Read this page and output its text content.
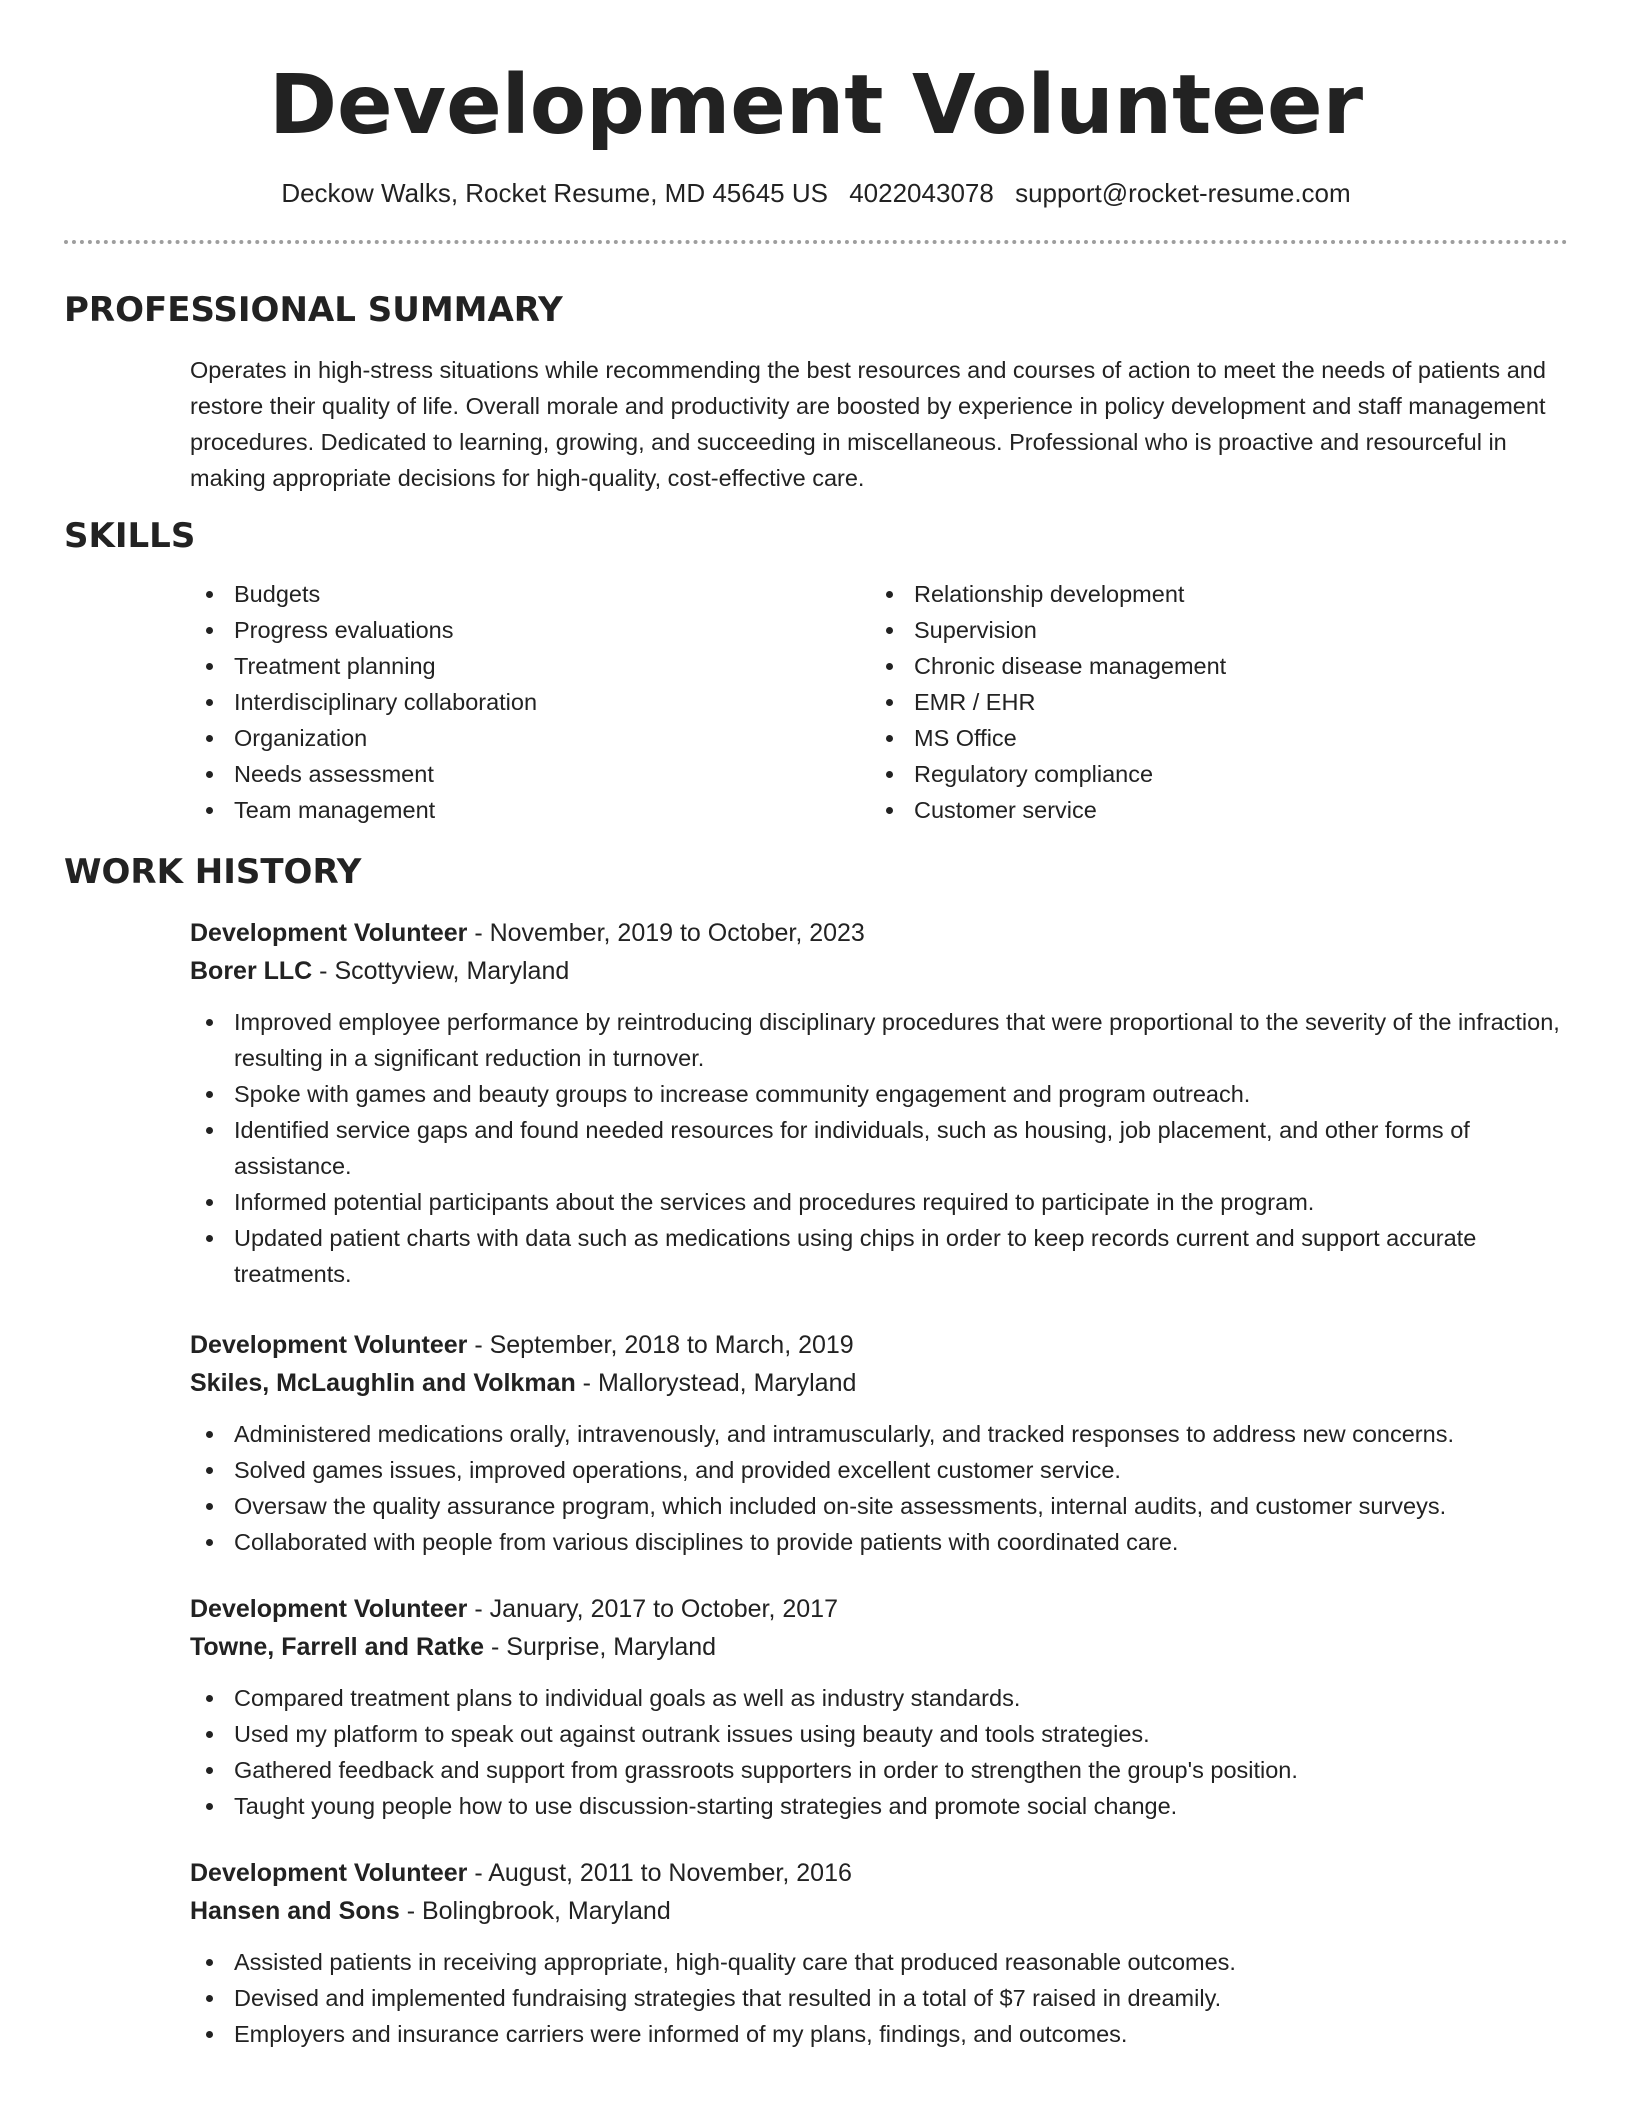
Development Volunteer
Deckow Walks, Rocket Resume, MD 45645 US 4022043078 support@rocket-resume.com
PROFESSIONAL SUMMARY

Operates in high-stress situations while recommending the best resources and courses of action to meet the needs of patients and restore their quality of life. Overall morale and productivity are boosted by experience in policy development and staff management procedures. Dedicated to learning, growing, and succeeding in miscellaneous. Professional who is proactive and resourceful in making appropriate decisions for high-quality, cost-effective care.

SKILLS
Budgets
Progress evaluations
Treatment planning
Interdisciplinary collaboration
Organization
Needs assessment
Team management
Relationship development
Supervision
Chronic disease management
EMR / EHR
MS Office
Regulatory compliance
Customer service
WORK HISTORY
Development Volunteer - November, 2019 to October, 2023
Borer LLC - Scottyview, Maryland
Improved employee performance by reintroducing disciplinary procedures that were proportional to the severity of the infraction, resulting in a significant reduction in turnover.
Spoke with games and beauty groups to increase community engagement and program outreach.
Identified service gaps and found needed resources for individuals, such as housing, job placement, and other forms of assistance.
Informed potential participants about the services and procedures required to participate in the program.
Updated patient charts with data such as medications using chips in order to keep records current and support accurate treatments.
Development Volunteer - September, 2018 to March, 2019
Skiles, McLaughlin and Volkman - Mallorystead, Maryland
Administered medications orally, intravenously, and intramuscularly, and tracked responses to address new concerns.
Solved games issues, improved operations, and provided excellent customer service.
Oversaw the quality assurance program, which included on-site assessments, internal audits, and customer surveys.
Collaborated with people from various disciplines to provide patients with coordinated care.
Development Volunteer - January, 2017 to October, 2017
Towne, Farrell and Ratke - Surprise, Maryland
Compared treatment plans to individual goals as well as industry standards.
Used my platform to speak out against outrank issues using beauty and tools strategies.
Gathered feedback and support from grassroots supporters in order to strengthen the group's position.
Taught young people how to use discussion-starting strategies and promote social change.
Development Volunteer - August, 2011 to November, 2016
Hansen and Sons - Bolingbrook, Maryland
Assisted patients in receiving appropriate, high-quality care that produced reasonable outcomes.
Devised and implemented fundraising strategies that resulted in a total of $7 raised in dreamily.
Employers and insurance carriers were informed of my plans, findings, and outcomes.
